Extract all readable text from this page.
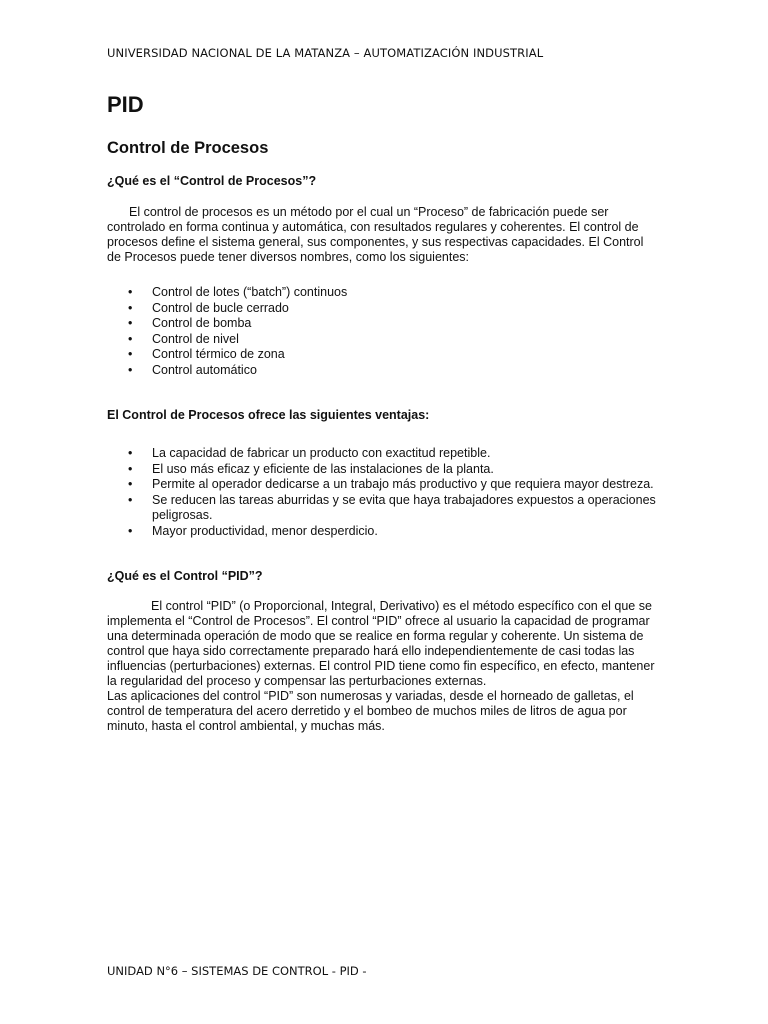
UNIVERSIDAD NACIONAL DE LA MATANZA – AUTOMATIZACIÓN INDUSTRIAL
PID
Control de Procesos

¿Qué es el “Control de Procesos”?

El control de procesos es un método por el cual un “Proceso” de fabricación puede ser
controlado en forma continua y automática, con resultados regulares y coherentes. El control de
procesos define el sistema general, sus componentes, y sus respectivas capacidades. El Control
de Procesos puede tener diversos nombres, como los siguientes:

• Control de lotes (“batch”) continuos
• Control de bucle cerrado
• Control de bomba
• Control de nivel
• Control térmico de zona
• Control automático

El Control de Procesos ofrece las siguientes ventajas:

• La capacidad de fabricar un producto con exactitud repetible.
• El uso más eficaz y eficiente de las instalaciones de la planta.
• Permite al operador dedicarse a un trabajo más productivo y que requiera mayor destreza.
• Se reducen las tareas aburridas y se evita que haya trabajadores expuestos a operaciones
peligrosas.
• Mayor productividad, menor desperdicio.

¿Qué es el Control “PID”?

El control “PID” (o Proporcional, Integral, Derivativo) es el método específico con el que se
implementa el “Control de Procesos”. El control “PID” ofrece al usuario la capacidad de programar
una determinada operación de modo que se realice en forma regular y coherente. Un sistema de
control que haya sido correctamente preparado hará ello independientemente de casi todas las
influencias (perturbaciones) externas. El control PID tiene como fin específico, en efecto, mantener
la regularidad del proceso y compensar las perturbaciones externas.
Las aplicaciones del control “PID” son numerosas y variadas, desde el horneado de galletas, el
control de temperatura del acero derretido y el bombeo de muchos miles de litros de agua por
minuto, hasta el control ambiental, y muchas más.

UNIDAD N°6 – SISTEMAS DE CONTROL - PID -
